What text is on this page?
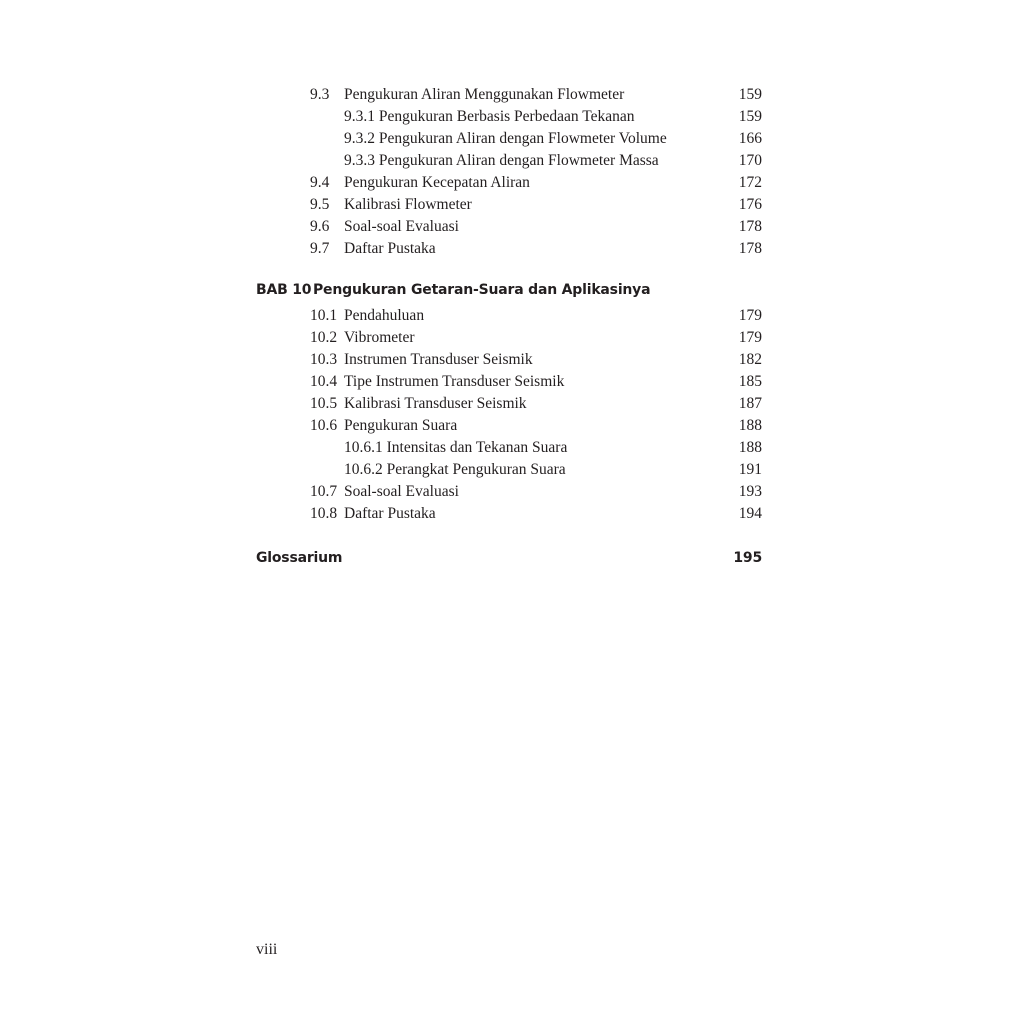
9.3 Pengukuran Aliran Menggunakan Flowmeter	159
9.3.1 Pengukuran Berbasis Perbedaan Tekanan	159
9.3.2 Pengukuran Aliran dengan Flowmeter Volume	166
9.3.3 Pengukuran Aliran dengan Flowmeter Massa	170
9.4 Pengukuran Kecepatan Aliran	172
9.5 Kalibrasi Flowmeter	176
9.6 Soal-soal Evaluasi	178
9.7 Daftar Pustaka	178
BAB 10 Pengukuran Getaran-Suara dan Aplikasinya
10.1 Pendahuluan	179
10.2 Vibrometer	179
10.3 Instrumen Transduser Seismik	182
10.4 Tipe Instrumen Transduser Seismik	185
10.5 Kalibrasi Transduser Seismik	187
10.6 Pengukuran Suara	188
10.6.1 Intensitas dan Tekanan Suara	188
10.6.2 Perangkat Pengukuran Suara	191
10.7 Soal-soal Evaluasi	193
10.8 Daftar Pustaka	194
Glossarium	195
viii
